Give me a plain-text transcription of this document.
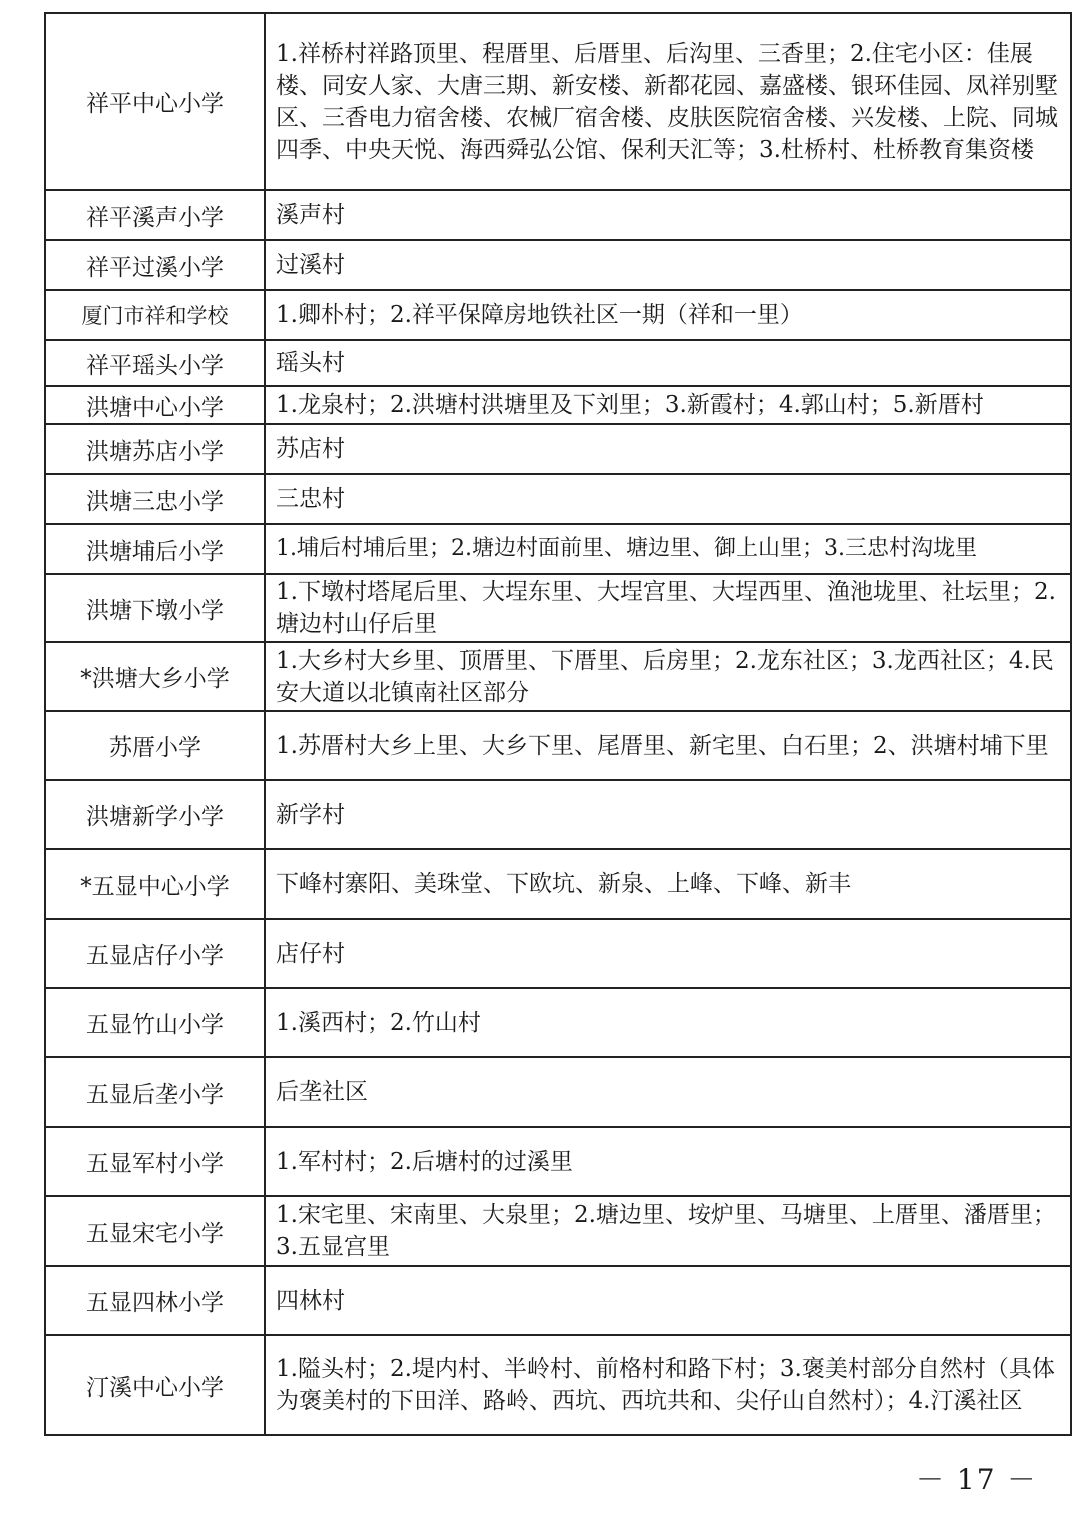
祥平中心小学	1.祥桥村祥路顶里、程厝里、后厝里、后沟里、三香里；2.住宅小区：佳展楼、同安人家、大唐三期、新安楼、新都花园、嘉盛楼、银环佳园、凤祥别墅区、三香电力宿舍楼、农械厂宿舍楼、皮肤医院宿舍楼、兴发楼、上院、同城四季、中央天悦、海西舜弘公馆、保利天汇等；3.杜桥村、杜桥教育集资楼
祥平溪声小学	溪声村
祥平过溪小学	过溪村
厦门市祥和学校	1.卿朴村；2.祥平保障房地铁社区一期（祥和一里）
祥平瑶头小学	瑶头村
洪塘中心小学	1.龙泉村；2.洪塘村洪塘里及下刘里；3.新霞村；4.郭山村；5.新厝村
洪塘苏店小学	苏店村
洪塘三忠小学	三忠村
洪塘埔后小学	1.埔后村埔后里；2.塘边村面前里、塘边里、御上山里；3.三忠村沟垅里
洪塘下墩小学	1.下墩村塔尾后里、大埕东里、大埕宫里、大埕西里、渔池垅里、社坛里；2.塘边村山仔后里
*洪塘大乡小学	1.大乡村大乡里、顶厝里、下厝里、后房里；2.龙东社区；3.龙西社区；4.民安大道以北镇南社区部分
苏厝小学	1.苏厝村大乡上里、大乡下里、尾厝里、新宅里、白石里；2、洪塘村埔下里
洪塘新学小学	新学村
*五显中心小学	下峰村寨阳、美珠堂、下欧坑、新泉、上峰、下峰、新丰
五显店仔小学	店仔村
五显竹山小学	1.溪西村；2.竹山村
五显后垄小学	后垄社区
五显军村小学	1.军村村；2.后塘村的过溪里
五显宋宅小学	1.宋宅里、宋南里、大泉里；2.塘边里、垵炉里、马塘里、上厝里、潘厝里；3.五显宫里
五显四林小学	四林村
汀溪中心小学	1.隘头村；2.堤内村、半岭村、前格村和路下村；3.褒美村部分自然村（具体为褒美村的下田洋、路岭、西坑、西坑共和、尖仔山自然村）；4.汀溪社区
－ 17 －
